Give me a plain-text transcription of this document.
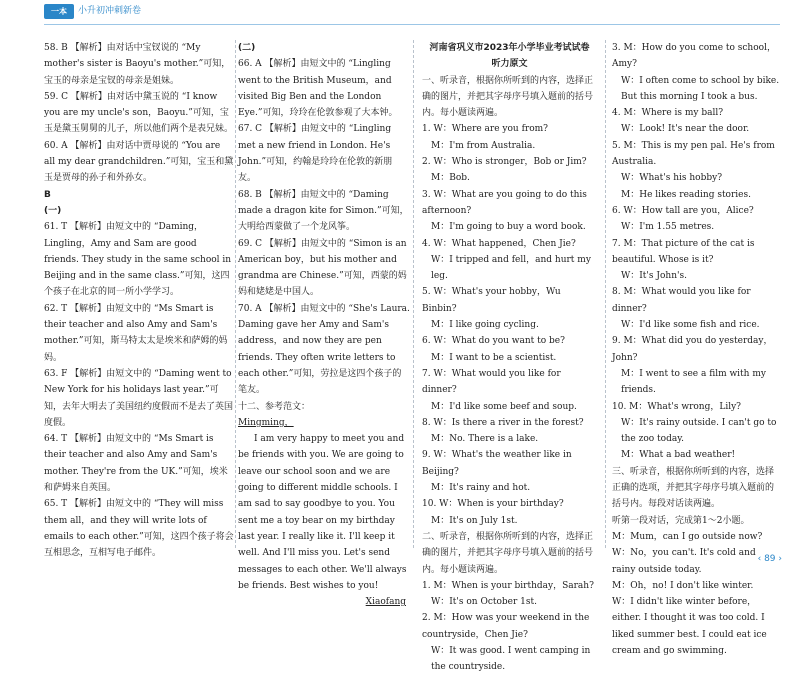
一本	小升初冲刺新卷

58. B 【解析】由对话中宝钗说的 “My mother's sister is Baoyu's mother.”可知，宝玉的母亲是宝钗的母亲是姐妹。

59. C 【解析】由对话中黛玉说的 “I know you are my uncle's son，Baoyu.”可知，宝玉是黛玉舅舅的儿子，所以他们两个是表兄妹。

60. A 【解析】由对话中贾母说的 “You are all my dear grandchildren.”可知，宝玉和黛玉是贾母的孙子和外孙女。

B

(一)

61. T 【解析】由短文中的 “Daming，Lingling，Amy and Sam are good friends. They study in the same school in Beijing and in the same class.”可知，这四个孩子在北京的同一所小学学习。

62. T 【解析】由短文中的 “Ms Smart is their teacher and also Amy and Sam's mother.”可知，斯马特太太是埃米和萨姆的妈妈。

63. F 【解析】由短文中的 “Daming went to New York for his holidays last year.”可知，去年大明去了美国纽约度假而不是去了英国度假。

64. T 【解析】由短文中的 “Ms Smart is their teacher and also Amy and Sam's mother. They're from the UK.”可知，埃米和萨姆来自英国。

65. T 【解析】由短文中的 “They will miss them all，and they will write lots of emails to each other.”可知，这四个孩子将会互相思念，互相写电子邮件。

(二)

66. A 【解析】由短文中的 “Lingling went to the British Museum，and visited Big Ben and the London Eye.”可知，玲玲在伦敦参观了大本钟。

67. C 【解析】由短文中的 “Lingling met a new friend in London. He's John.”可知，约翰是玲玲在伦敦的新朋友。

68. B 【解析】由短文中的 “Daming made a dragon kite for Simon.”可知，大明给西蒙做了一个龙风筝。

69. C 【解析】由短文中的 “Simon is an American boy，but his mother and grandma are Chinese.”可知，西蒙的妈妈和姥姥是中国人。

70. A 【解析】由短文中的 “She's Laura. Daming gave her Amy and Sam's address，and now they are pen friends. They often write letters to each other.”可知，劳拉是这四个孩子的笔友。

十二、参考范文：

Mingming，

I am very happy to meet you and be friends with you. We are going to leave our school soon and we are going to different middle schools. I am sad to say goodbye to you. You sent me a toy bear on my birthday last year. I really like it. I'll keep it well. And I'll miss you. Let's send messages to each other. We'll always be friends. Best wishes to you!

Xiaofang

河南省巩义市2023年小学毕业考试试卷

听力原文

一、听录音，根据你所听到的内容，选择正确的图片，并把其字母序号填入题前的括号内。每小题读两遍。

1. W：Where are you from?

M：I'm from Australia.

2. W：Who is stronger，Bob or Jim?

M：Bob.

3. W：What are you going to do this afternoon?

M：I'm going to buy a word book.

4. W：What happened，Chen Jie?

W：I tripped and fell，and hurt my leg.

5. W：What's your hobby，Wu Binbin?

M：I like going cycling.

6. W：What do you want to be?

M：I want to be a scientist.

7. W：What would you like for dinner?

M：I'd like some beef and soup.

8. W：Is there a river in the forest?

M：No. There is a lake.

9. W：What's the weather like in Beijing?

M：It's rainy and hot.

10. W：When is your birthday?

M：It's on July 1st.

二、听录音，根据你所听到的内容，选择正确的图片，并把其字母序号填入题前的括号内。每小题读两遍。

1. M：When is your birthday，Sarah?

W：It's on October 1st.

2. M：How was your weekend in the countryside，Chen Jie?

W：It was good. I went camping in the countryside.

3. M：How do you come to school，Amy?

W：I often come to school by bike. But this morning I took a bus.

4. M：Where is my ball?

W：Look! It's near the door.

5. M：This is my pen pal. He's from Australia.

W：What's his hobby?

M：He likes reading stories.

6. W：How tall are you，Alice?

W：I'm 1.55 metres.

7. M：That picture of the cat is beautiful. Whose is it?

W：It's John's.

8. M：What would you like for dinner?

W：I'd like some fish and rice.

9. M：What did you do yesterday，John?

M：I went to see a film with my friends.

10. M：What's wrong，Lily?

W：It's rainy outside. I can't go to the zoo today.

M：What a bad weather!

三、听录音，根据你所听到的内容，选择正确的选项，并把其字母序号填入题前的括号内。每段对话读两遍。

听第一段对话，完成第1～2小题。

M：Mum，can I go outside now?

W：No，you can't. It's cold and rainy outside today.

M：Oh，no! I don't like winter.

W：I didn't like winter before，either. I thought it was too cold. I liked summer best. I could eat ice cream and go swimming.

‹ 89 ›
